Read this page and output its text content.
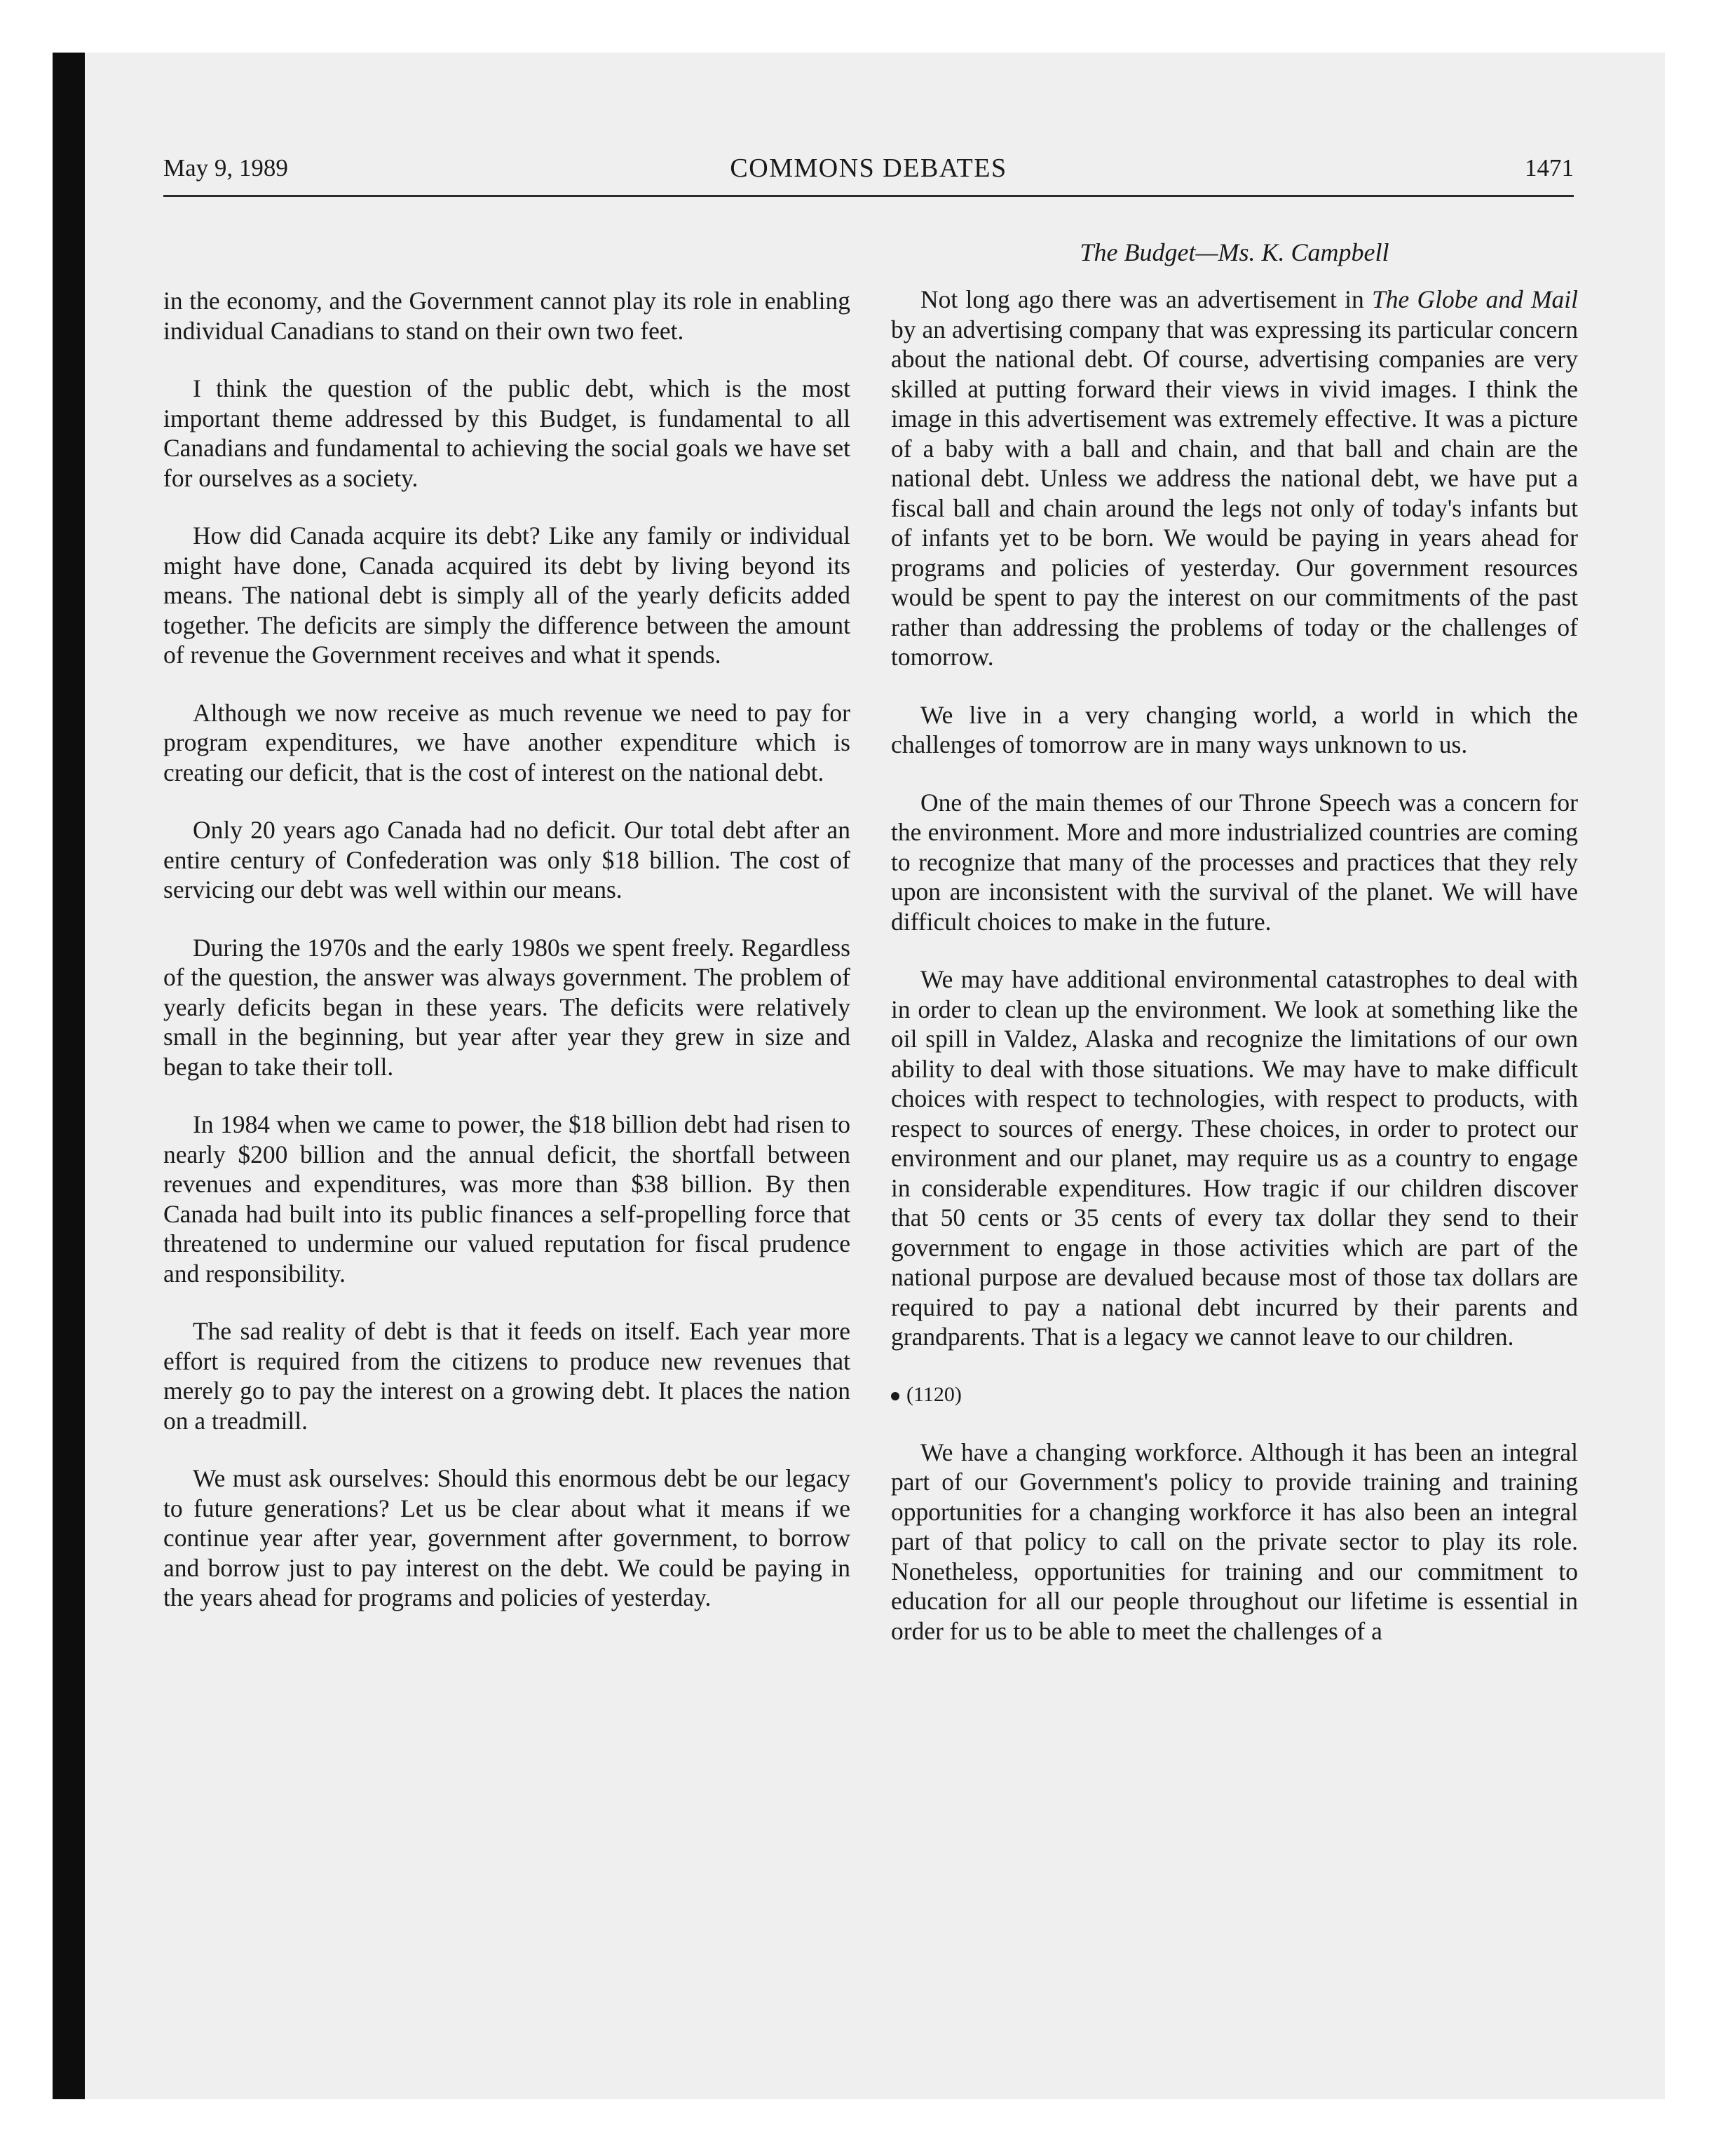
May 9, 1989	COMMONS DEBATES	1471
The Budget—Ms. K. Campbell

in the economy, and the Government cannot play its role in enabling individual Canadians to stand on their own two feet.

I think the question of the public debt, which is the most important theme addressed by this Budget, is fundamental to all Canadians and fundamental to achieving the social goals we have set for ourselves as a society.

How did Canada acquire its debt? Like any family or individual might have done, Canada acquired its debt by living beyond its means. The national debt is simply all of the yearly deficits added together. The deficits are simply the difference between the amount of revenue the Government receives and what it spends.

Although we now receive as much revenue we need to pay for program expenditures, we have another expenditure which is creating our deficit, that is the cost of interest on the national debt.

Only 20 years ago Canada had no deficit. Our total debt after an entire century of Confederation was only $18 billion. The cost of servicing our debt was well within our means.

During the 1970s and the early 1980s we spent freely. Regardless of the question, the answer was always government. The problem of yearly deficits began in these years. The deficits were relatively small in the beginning, but year after year they grew in size and began to take their toll.

In 1984 when we came to power, the $18 billion debt had risen to nearly $200 billion and the annual deficit, the shortfall between revenues and expenditures, was more than $38 billion. By then Canada had built into its public finances a self-propelling force that threatened to undermine our valued reputation for fiscal prudence and responsibility.

The sad reality of debt is that it feeds on itself. Each year more effort is required from the citizens to produce new revenues that merely go to pay the interest on a growing debt. It places the nation on a treadmill.

We must ask ourselves: Should this enormous debt be our legacy to future generations? Let us be clear about what it means if we continue year after year, government after government, to borrow and borrow just to pay interest on the debt. We could be paying in the years ahead for programs and policies of yesterday.

Not long ago there was an advertisement in The Globe and Mail by an advertising company that was expressing its particular concern about the national debt. Of course, advertising companies are very skilled at putting forward their views in vivid images. I think the image in this advertisement was extremely effective. It was a picture of a baby with a ball and chain, and that ball and chain are the national debt. Unless we address the national debt, we have put a fiscal ball and chain around the legs not only of today's infants but of infants yet to be born. We would be paying in years ahead for programs and policies of yesterday. Our government resources would be spent to pay the interest on our commitments of the past rather than addressing the problems of today or the challenges of tomorrow.

We live in a very changing world, a world in which the challenges of tomorrow are in many ways unknown to us.

One of the main themes of our Throne Speech was a concern for the environment. More and more industrialized countries are coming to recognize that many of the processes and practices that they rely upon are inconsistent with the survival of the planet. We will have difficult choices to make in the future.

We may have additional environmental catastrophes to deal with in order to clean up the environment. We look at something like the oil spill in Valdez, Alaska and recognize the limitations of our own ability to deal with those situations. We may have to make difficult choices with respect to technologies, with respect to products, with respect to sources of energy. These choices, in order to protect our environment and our planet, may require us as a country to engage in considerable expenditures. How tragic if our children discover that 50 cents or 35 cents of every tax dollar they send to their government to engage in those activities which are part of the national purpose are devalued because most of those tax dollars are required to pay a national debt incurred by their parents and grandparents. That is a legacy we cannot leave to our children.

(1120)

We have a changing workforce. Although it has been an integral part of our Government's policy to provide training and training opportunities for a changing workforce it has also been an integral part of that policy to call on the private sector to play its role. Nonetheless, opportunities for training and our commitment to education for all our people throughout our lifetime is essential in order for us to be able to meet the challenges of a
